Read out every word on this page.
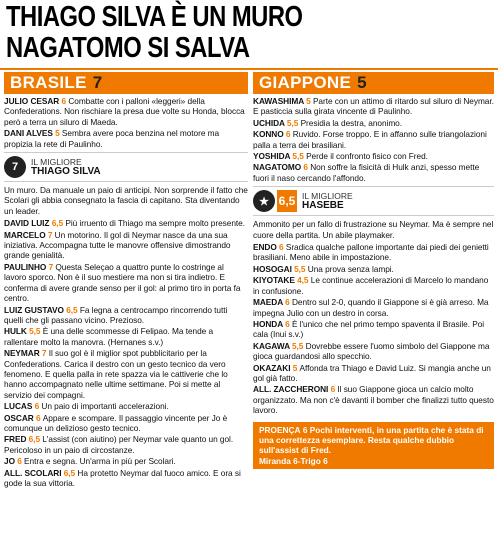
THIAGO SILVA È UN MURO
NAGATOMO SI SALVA
BRASILE 7

JULIO CESAR 6 Combatte con i palloni «leggeri» della Confederations. Non rischiare la presa due volte su Honda, blocca però a terra un siluro di Maeda.

DANI ALVES 5 Sembra avere poca benzina nel motore ma propizia la rete di Paulinho.

7	IL MIGLIORE
THIAGO SILVA
Un muro. Da manuale un paio di anticipi. Non sorprende il fatto che Scolari gli abbia consegnato la fascia di capitano. Sta diventando un leader.

DAVID LUIZ 6,5 Più irruento di Thiago ma sempre molto presente.

MARCELO 7 Un motorino. Il gol di Neymar nasce da una sua iniziativa. Accompagna tutte le manovre offensive dimostrando grande genialità.

PAULINHO 7 Questa Seleçao a quattro punte lo costringe al lavoro sporco. Non è il suo mestiere ma non si tira indietro. E conferma di avere grande senso per il gol: al primo tiro in porta fa centro.

LUIZ GUSTAVO 6,5 Fa legna a centrocampo rincorrendo tutti quelli che gli passano vicino. Prezioso.

HULK 5,5 È una delle scommesse di Felipao. Ma tende a rallentare molto la manovra. (Hernanes s.v.)

NEYMAR 7 Il suo gol è il miglior spot pubblicitario per la Confederations. Carica il destro con un gesto tecnico da vero fenomeno. E quella palla in rete spazza via le cattiverie che lo hanno accompagnato nelle ultime settimane. Poi si mette al servizio dei compagni.

LUCAS 6 Un paio di importanti accelerazioni.

OSCAR 6 Appare e scompare. Il passaggio vincente per Jo è comunque un delizioso gesto tecnico.

FRED 6,5 L'assist (con aiutino) per Neymar vale quanto un gol. Pericoloso in un paio di circostanze.

JO 6 Entra e segna. Un'arma in più per Scolari.

ALL. SCOLARI 6,5 Ha protetto Neymar dal fuoco amico. E ora si gode la sua vittoria.

GIAPPONE 5

KAWASHIMA 5 Parte con un attimo di ritardo sul siluro di Neymar. E pasticcia sulla girata vincente di Paulinho.

UCHIDA 5,5 Presidia la destra, anonimo.

KONNO 6 Ruvido. Forse troppo. E in affanno sulle triangolazioni palla a terra dei brasiliani.

YOSHIDA 5,5 Perde il confronto fisico con Fred.

NAGATOMO 6 Non soffre la fisicità di Hulk anzi, spesso mette fuori il naso cercando l'affondo.

★ 6,5 IL MIGLIORE
HASEBE
Ammonito per un fallo di frustrazione su Neymar. Ma è sempre nel cuore della partita. Un abile playmaker.

ENDO 6 Sradica qualche pallone importante dai piedi dei genietti brasiliani. Meno abile in impostazione.

HOSOGAI 5,5 Una prova senza lampi.

KIYOTAKE 4,5 Le continue accelerazioni di Marcelo lo mandano in confusione.

MAEDA 6 Dentro sul 2-0, quando il Giappone si è già arreso. Ma impegna Julio con un destro in corsa.

HONDA 6 È l'unico che nel primo tempo spaventa il Brasile. Poi cala (Inui s.v.)

KAGAWA 5,5 Dovrebbe essere l'uomo simbolo del Giappone ma gioca guardandosi allo specchio.

OKAZAKI 5 Affonda tra Thiago e David Luiz. Si mangia anche un gol già fatto.

ALL. ZACCHERONI 6 Il suo Giappone gioca un calcio molto organizzato. Ma non c'è davanti il bomber che finalizzi tutto questo lavoro.

PROENÇA 6 Pochi interventi, in una partita che è stata di una correttezza esemplare. Resta qualche dubbio sull'assist di Fred.
Miranda 6-Trigo 6
